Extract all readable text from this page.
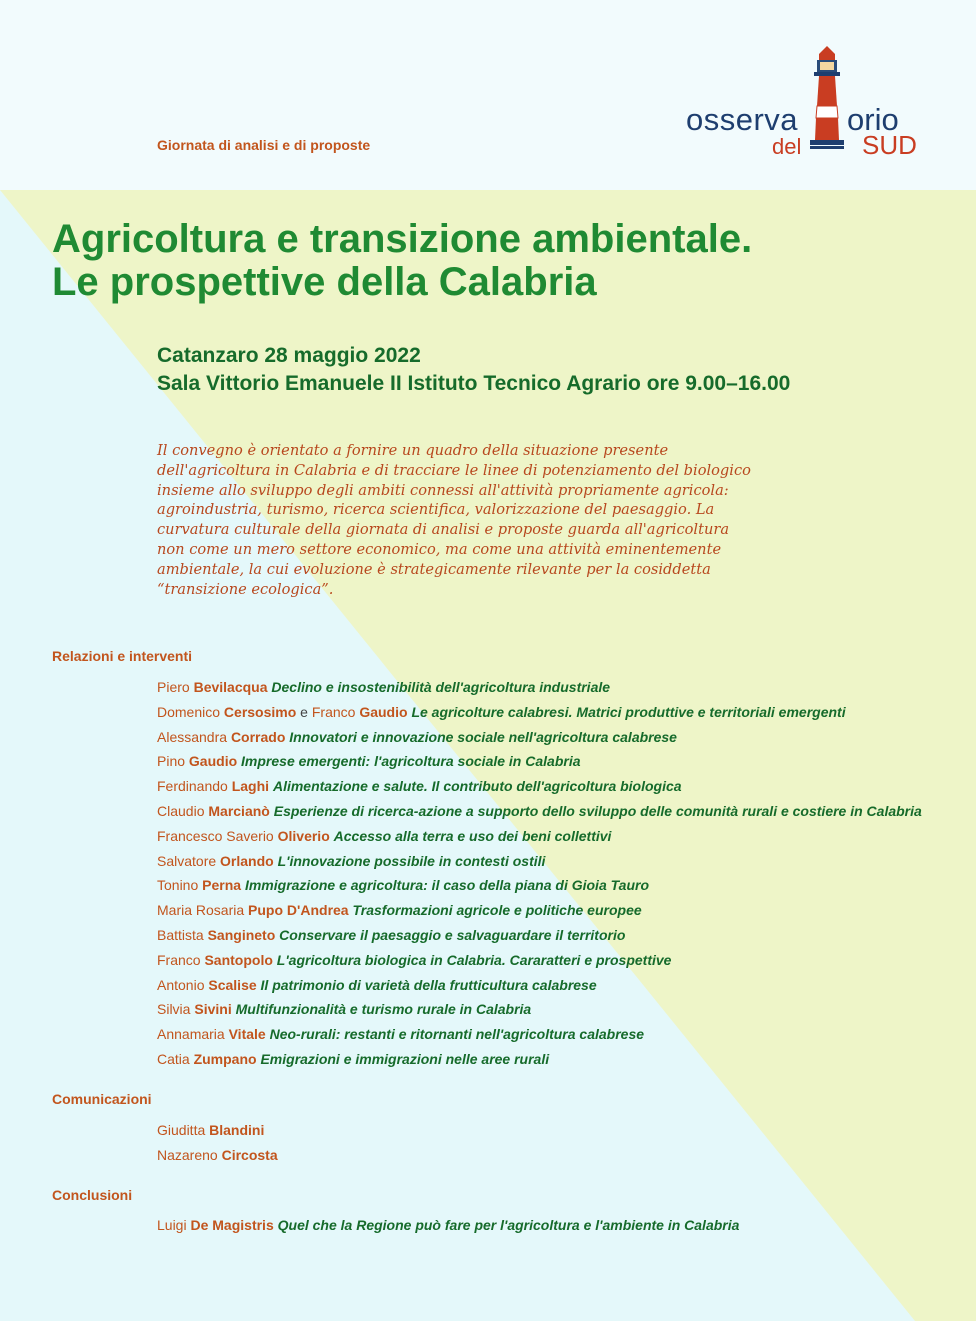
Giornata di analisi e di proposte
osserva orio
del SUD
Agricoltura e transizione ambientale.
Le prospettive della Calabria
Catanzaro 28 maggio 2022
Sala Vittorio Emanuele II Istituto Tecnico Agrario ore 9.00–16.00
Il convegno è orientato a fornire un quadro della situazione presente
dell'agricoltura in Calabria e di tracciare le linee di potenziamento del biologico
insieme allo sviluppo degli ambiti connessi all'attività propriamente agricola:
agroindustria, turismo, ricerca scientifica, valorizzazione del paesaggio. La
curvatura culturale della giornata di analisi e proposte guarda all'agricoltura
non come un mero settore economico, ma come una attività eminentemente
ambientale, la cui evoluzione è strategicamente rilevante per la cosiddetta
“transizione ecologica”.
Relazioni e interventi
Piero Bevilacqua Declino e insostenibilità dell'agricoltura industriale
Domenico Cersosimo e Franco Gaudio Le agricolture calabresi. Matrici produttive e territoriali emergenti
Alessandra Corrado Innovatori e innovazione sociale nell'agricoltura calabrese
Pino Gaudio Imprese emergenti: l'agricoltura sociale in Calabria
Ferdinando Laghi Alimentazione e salute. Il contributo dell'agricoltura biologica
Claudio Marcianò Esperienze di ricerca-azione a supporto dello sviluppo delle comunità rurali e costiere in Calabria
Francesco Saverio Oliverio Accesso alla terra e uso dei beni collettivi
Salvatore Orlando L'innovazione possibile in contesti ostili
Tonino Perna Immigrazione e agricoltura: il caso della piana di Gioia Tauro
Maria Rosaria Pupo D'Andrea Trasformazioni agricole e politiche europee
Battista Sangineto Conservare il paesaggio e salvaguardare il territorio
Franco Santopolo L'agricoltura biologica in Calabria. Cararatteri e prospettive
Antonio Scalise Il patrimonio di varietà della frutticultura calabrese
Silvia Sivini Multifunzionalità e turismo rurale in Calabria
Annamaria Vitale Neo-rurali: restanti e ritornanti nell'agricoltura calabrese
Catia Zumpano Emigrazioni e immigrazioni nelle aree rurali
Comunicazioni
Giuditta Blandini
Nazareno Circosta
Conclusioni
Luigi De Magistris Quel che la Regione può fare per l'agricoltura e l'ambiente in Calabria
